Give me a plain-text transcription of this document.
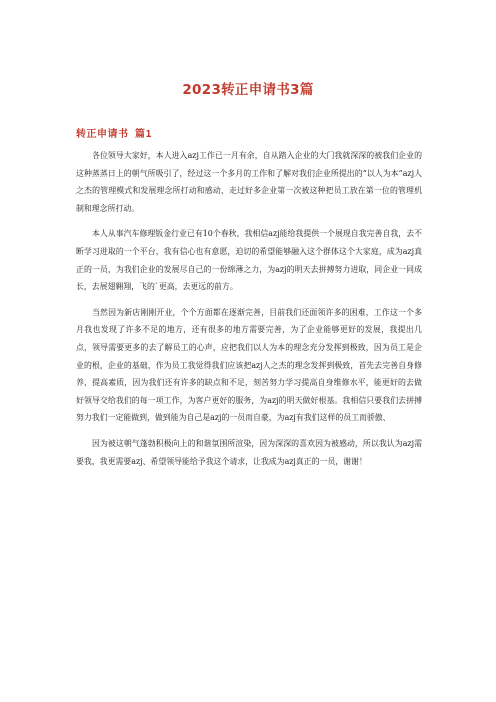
2023转正申请书3篇
转正申请书 篇1

各位领导大家好，本人进入azj工作已一月有余，自从踏入企业的大门我就深深的被我们企业的这种蒸蒸日上的朝气所吸引了，经过这一个多月的工作和了解对我们企业所提出的“以人为本”azj人之杰的管理模式和发展理念所打动和感动，走过好多企业第一次被这种把员工放在第一位的管理机制和理念所打动。

本人从事汽车修理钣金行业已有10个春秋，我相信azj能给我提供一个展现自我完善自我，去不断学习进取的一个平台，我有信心也有意愿，迫切的希望能够融入这个群体这个大家庭，成为azj真正的一员，为我们企业的发展尽自己的一份绵薄之力，为azj的明天去拼搏努力进取，同企业一同成长，去展翅翱翔，飞的`更高，去更远的前方。

当然因为新店刚刚开业，个个方面都在逐渐完善，目前我们还面领许多的困难，工作这一个多月我也发现了许多不足的地方，还有很多的地方需要完善，为了企业能够更好的发展，我提出几点，领导需要更多的去了解员工的心声，应把我们以人为本的理念充分发挥到极致，因为员工是企业的根，企业的基础，作为员工我觉得我们应该把azj人之杰的理念发挥到极致，首先去完善自身修养，提高素质，因为我们还有许多的缺点和不足，刻苦努力学习提高自身维修水平，能更好的去做好领导交给我们的每一项工作，为客户更好的服务，为azj的明天做好根基。我相信只要我们去拼搏努力我们一定能做到，做到能为自己是azj的一员而自豪，为azj有我们这样的员工而骄傲、

因为被这朝气蓬勃积极向上的和谐氛围所渲染，因为深深的喜欢因为被感动，所以我认为azj需要我，我更需要azj、希望领导能给予我这个请求，让我成为azj真正的一员，谢谢！
